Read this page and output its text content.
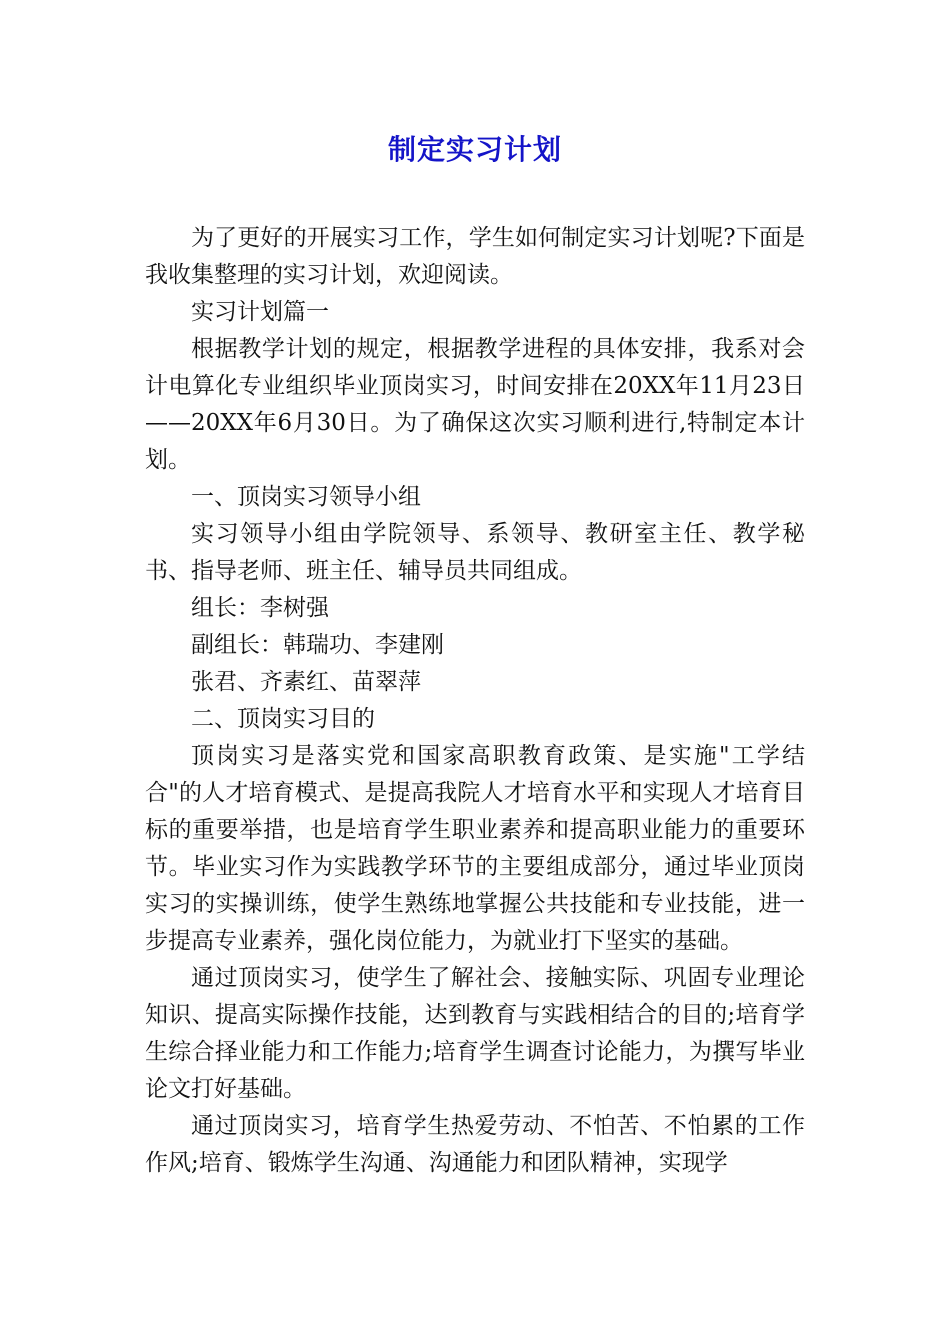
制定实习计划

为了更好的开展实习工作，学生如何制定实习计划呢?下面是我收集整理的实习计划，欢迎阅读。

实习计划篇一

根据教学计划的规定，根据教学进程的具体安排，我系对会计电算化专业组织毕业顶岗实习，时间安排在20XX年11月23日——20XX年6月30日。为了确保这次实习顺利进行,特制定本计划。

一、顶岗实习领导小组

实习领导小组由学院领导、系领导、教研室主任、教学秘书、指导老师、班主任、辅导员共同组成。

组长：李树强

副组长：韩瑞功、李建刚

张君、齐素红、苗翠萍

二、顶岗实习目的

顶岗实习是落实党和国家高职教育政策、是实施"工学结合"的人才培育模式、是提高我院人才培育水平和实现人才培育目标的重要举措，也是培育学生职业素养和提高职业能力的重要环节。毕业实习作为实践教学环节的主要组成部分，通过毕业顶岗实习的实操训练，使学生熟练地掌握公共技能和专业技能，进一步提高专业素养，强化岗位能力，为就业打下坚实的基础。

通过顶岗实习，使学生了解社会、接触实际、巩固专业理论知识、提高实际操作技能，达到教育与实践相结合的目的;培育学生综合择业能力和工作能力;培育学生调查讨论能力，为撰写毕业论文打好基础。

通过顶岗实习，培育学生热爱劳动、不怕苦、不怕累的工作作风;培育、锻炼学生沟通、沟通能力和团队精神，实现学
